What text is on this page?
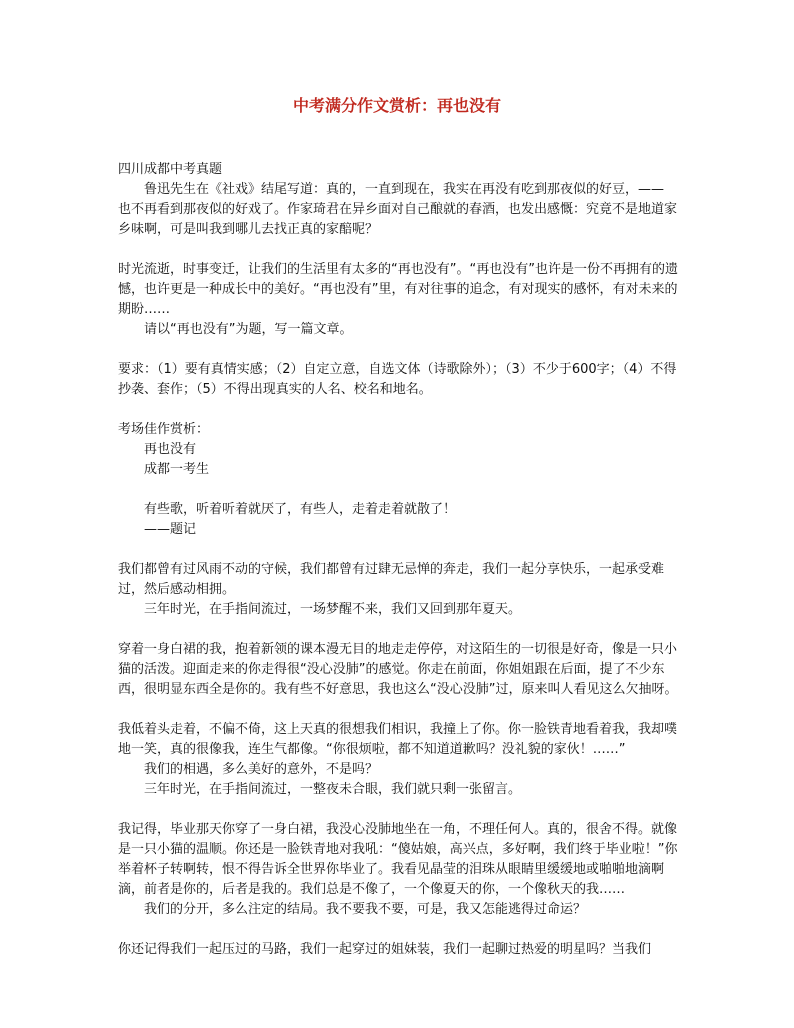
中考满分作文赏析：再也没有

四川成都中考真题

鲁迅先生在《社戏》结尾写道：真的，一直到现在，我实在再没有吃到那夜似的好豆，——

也不再看到那夜似的好戏了。作家琦君在异乡面对自己酿就的春酒，也发出感慨：究竟不是地道家乡味啊，可是叫我到哪儿去找正真的家醅呢？

时光流逝，时事变迁，让我们的生活里有太多的“再也没有”。“再也没有”也许是一份不再拥有的遗憾，也许更是一种成长中的美好。“再也没有”里，有对往事的追念，有对现实的感怀，有对未来的期盼……

请以“再也没有”为题，写一篇文章。

要求：（1）要有真情实感；（2）自定立意，自选文体（诗歌除外）；（3）不少于600字；（4）不得抄袭、套作；（5）不得出现真实的人名、校名和地名。

考场佳作赏析：

再也没有

成都一考生

有些歌，听着听着就厌了，有些人，走着走着就散了！

——题记

我们都曾有过风雨不动的守候，我们都曾有过肆无忌惮的奔走，我们一起分享快乐，一起承受难过，然后感动相拥。

三年时光，在手指间流过，一场梦醒不来，我们又回到那年夏天。

穿着一身白裙的我，抱着新领的课本漫无目的地走走停停，对这陌生的一切很是好奇，像是一只小猫的活泼。迎面走来的你走得很“没心没肺”的感觉。你走在前面，你姐姐跟在后面，提了不少东西，很明显东西全是你的。我有些不好意思，我也这么“没心没肺”过，原来叫人看见这么欠抽呀。

我低着头走着，不偏不倚，这上天真的很想我们相识，我撞上了你。你一脸铁青地看着我，我却噗地一笑，真的很像我，连生气都像。“你很烦啦，都不知道道歉吗？没礼貌的家伙！……”

我们的相遇，多么美好的意外，不是吗？

三年时光，在手指间流过，一整夜未合眼，我们就只剩一张留言。

我记得，毕业那天你穿了一身白裙，我没心没肺地坐在一角，不理任何人。真的，很舍不得。就像是一只小猫的温顺。你还是一脸铁青地对我吼：“傻姑娘，高兴点，多好啊，我们终于毕业啦！”你举着杯子转啊转，恨不得告诉全世界你毕业了。我看见晶莹的泪珠从眼睛里缓缓地或啪啪地滴啊滴，前者是你的，后者是我的。我们总是不像了，一个像夏天的你，一个像秋天的我……

我们的分开，多么注定的结局。我不要我不要，可是，我又怎能逃得过命运？

你还记得我们一起压过的马路，我们一起穿过的姐妹装，我们一起聊过热爱的明星吗？当我们
